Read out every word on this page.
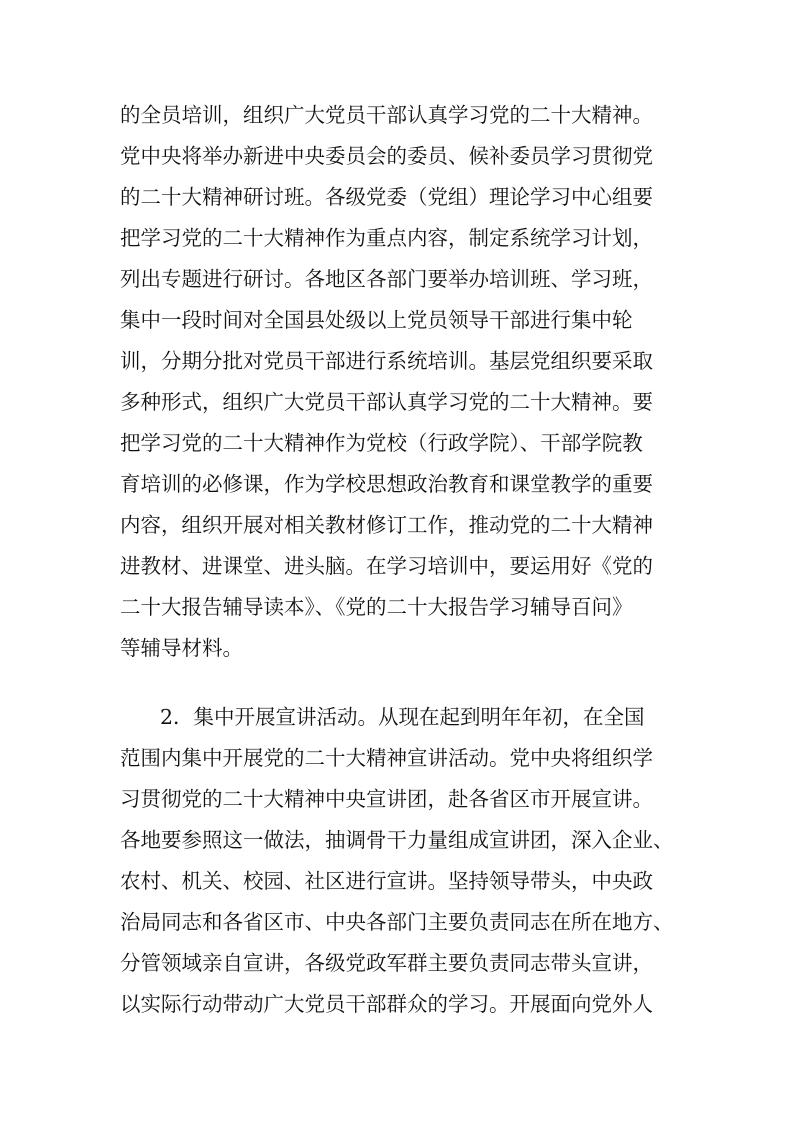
的全员培训，组织广大党员干部认真学习党的二十大精神。
党中央将举办新进中央委员会的委员、候补委员学习贯彻党
的二十大精神研讨班。各级党委（党组）理论学习中心组要
把学习党的二十大精神作为重点内容，制定系统学习计划，
列出专题进行研讨。各地区各部门要举办培训班、学习班，
集中一段时间对全国县处级以上党员领导干部进行集中轮
训，分期分批对党员干部进行系统培训。基层党组织要采取
多种形式，组织广大党员干部认真学习党的二十大精神。要
把学习党的二十大精神作为党校（行政学院）、干部学院教
育培训的必修课，作为学校思想政治教育和课堂教学的重要
内容，组织开展对相关教材修订工作，推动党的二十大精神
进教材、进课堂、进头脑。在学习培训中，要运用好《党的
二十大报告辅导读本》、《党的二十大报告学习辅导百问》
等辅导材料。
2．集中开展宣讲活动。从现在起到明年年初，在全国
范围内集中开展党的二十大精神宣讲活动。党中央将组织学
习贯彻党的二十大精神中央宣讲团，赴各省区市开展宣讲。
各地要参照这一做法，抽调骨干力量组成宣讲团，深入企业、
农村、机关、校园、社区进行宣讲。坚持领导带头，中央政
治局同志和各省区市、中央各部门主要负责同志在所在地方、
分管领域亲自宣讲，各级党政军群主要负责同志带头宣讲，
以实际行动带动广大党员干部群众的学习。开展面向党外人
